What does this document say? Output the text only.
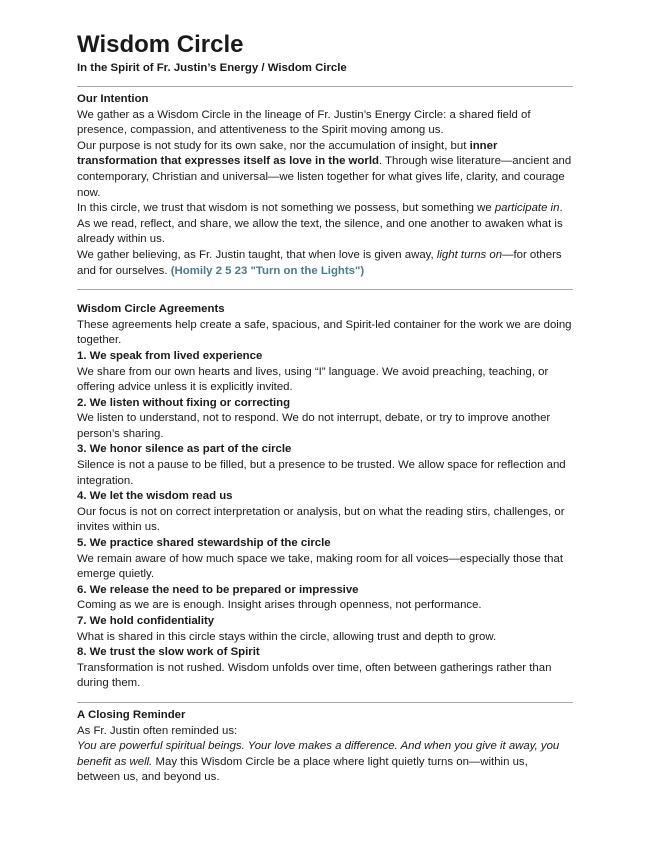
Wisdom Circle
In the Spirit of Fr. Justin’s Energy / Wisdom Circle
Our Intention

We gather as a Wisdom Circle in the lineage of Fr. Justin’s Energy Circle: a shared field of presence, compassion, and attentiveness to the Spirit moving among us.

Our purpose is not study for its own sake, nor the accumulation of insight, but inner transformation that expresses itself as love in the world. Through wise literature—ancient and contemporary, Christian and universal—we listen together for what gives life, clarity, and courage now.

In this circle, we trust that wisdom is not something we possess, but something we participate in. As we read, reflect, and share, we allow the text, the silence, and one another to awaken what is already within us.

We gather believing, as Fr. Justin taught, that when love is given away, light turns on—for others and for ourselves. (Homily 2 5 23 "Turn on the Lights")

Wisdom Circle Agreements

These agreements help create a safe, spacious, and Spirit-led container for the work we are doing together.

1. We speak from lived experience

We share from our own hearts and lives, using “I” language. We avoid preaching, teaching, or offering advice unless it is explicitly invited.

2. We listen without fixing or correcting

We listen to understand, not to respond. We do not interrupt, debate, or try to improve another person’s sharing.

3. We honor silence as part of the circle

Silence is not a pause to be filled, but a presence to be trusted. We allow space for reflection and integration.

4. We let the wisdom read us

Our focus is not on correct interpretation or analysis, but on what the reading stirs, challenges, or invites within us.

5. We practice shared stewardship of the circle

We remain aware of how much space we take, making room for all voices—especially those that emerge quietly.

6. We release the need to be prepared or impressive

Coming as we are is enough. Insight arises through openness, not performance.

7. We hold confidentiality

What is shared in this circle stays within the circle, allowing trust and depth to grow.

8. We trust the slow work of Spirit

Transformation is not rushed. Wisdom unfolds over time, often between gatherings rather than during them.

A Closing Reminder

As Fr. Justin often reminded us:

You are powerful spiritual beings. Your love makes a difference. And when you give it away, you benefit as well. May this Wisdom Circle be a place where light quietly turns on—within us, between us, and beyond us.
